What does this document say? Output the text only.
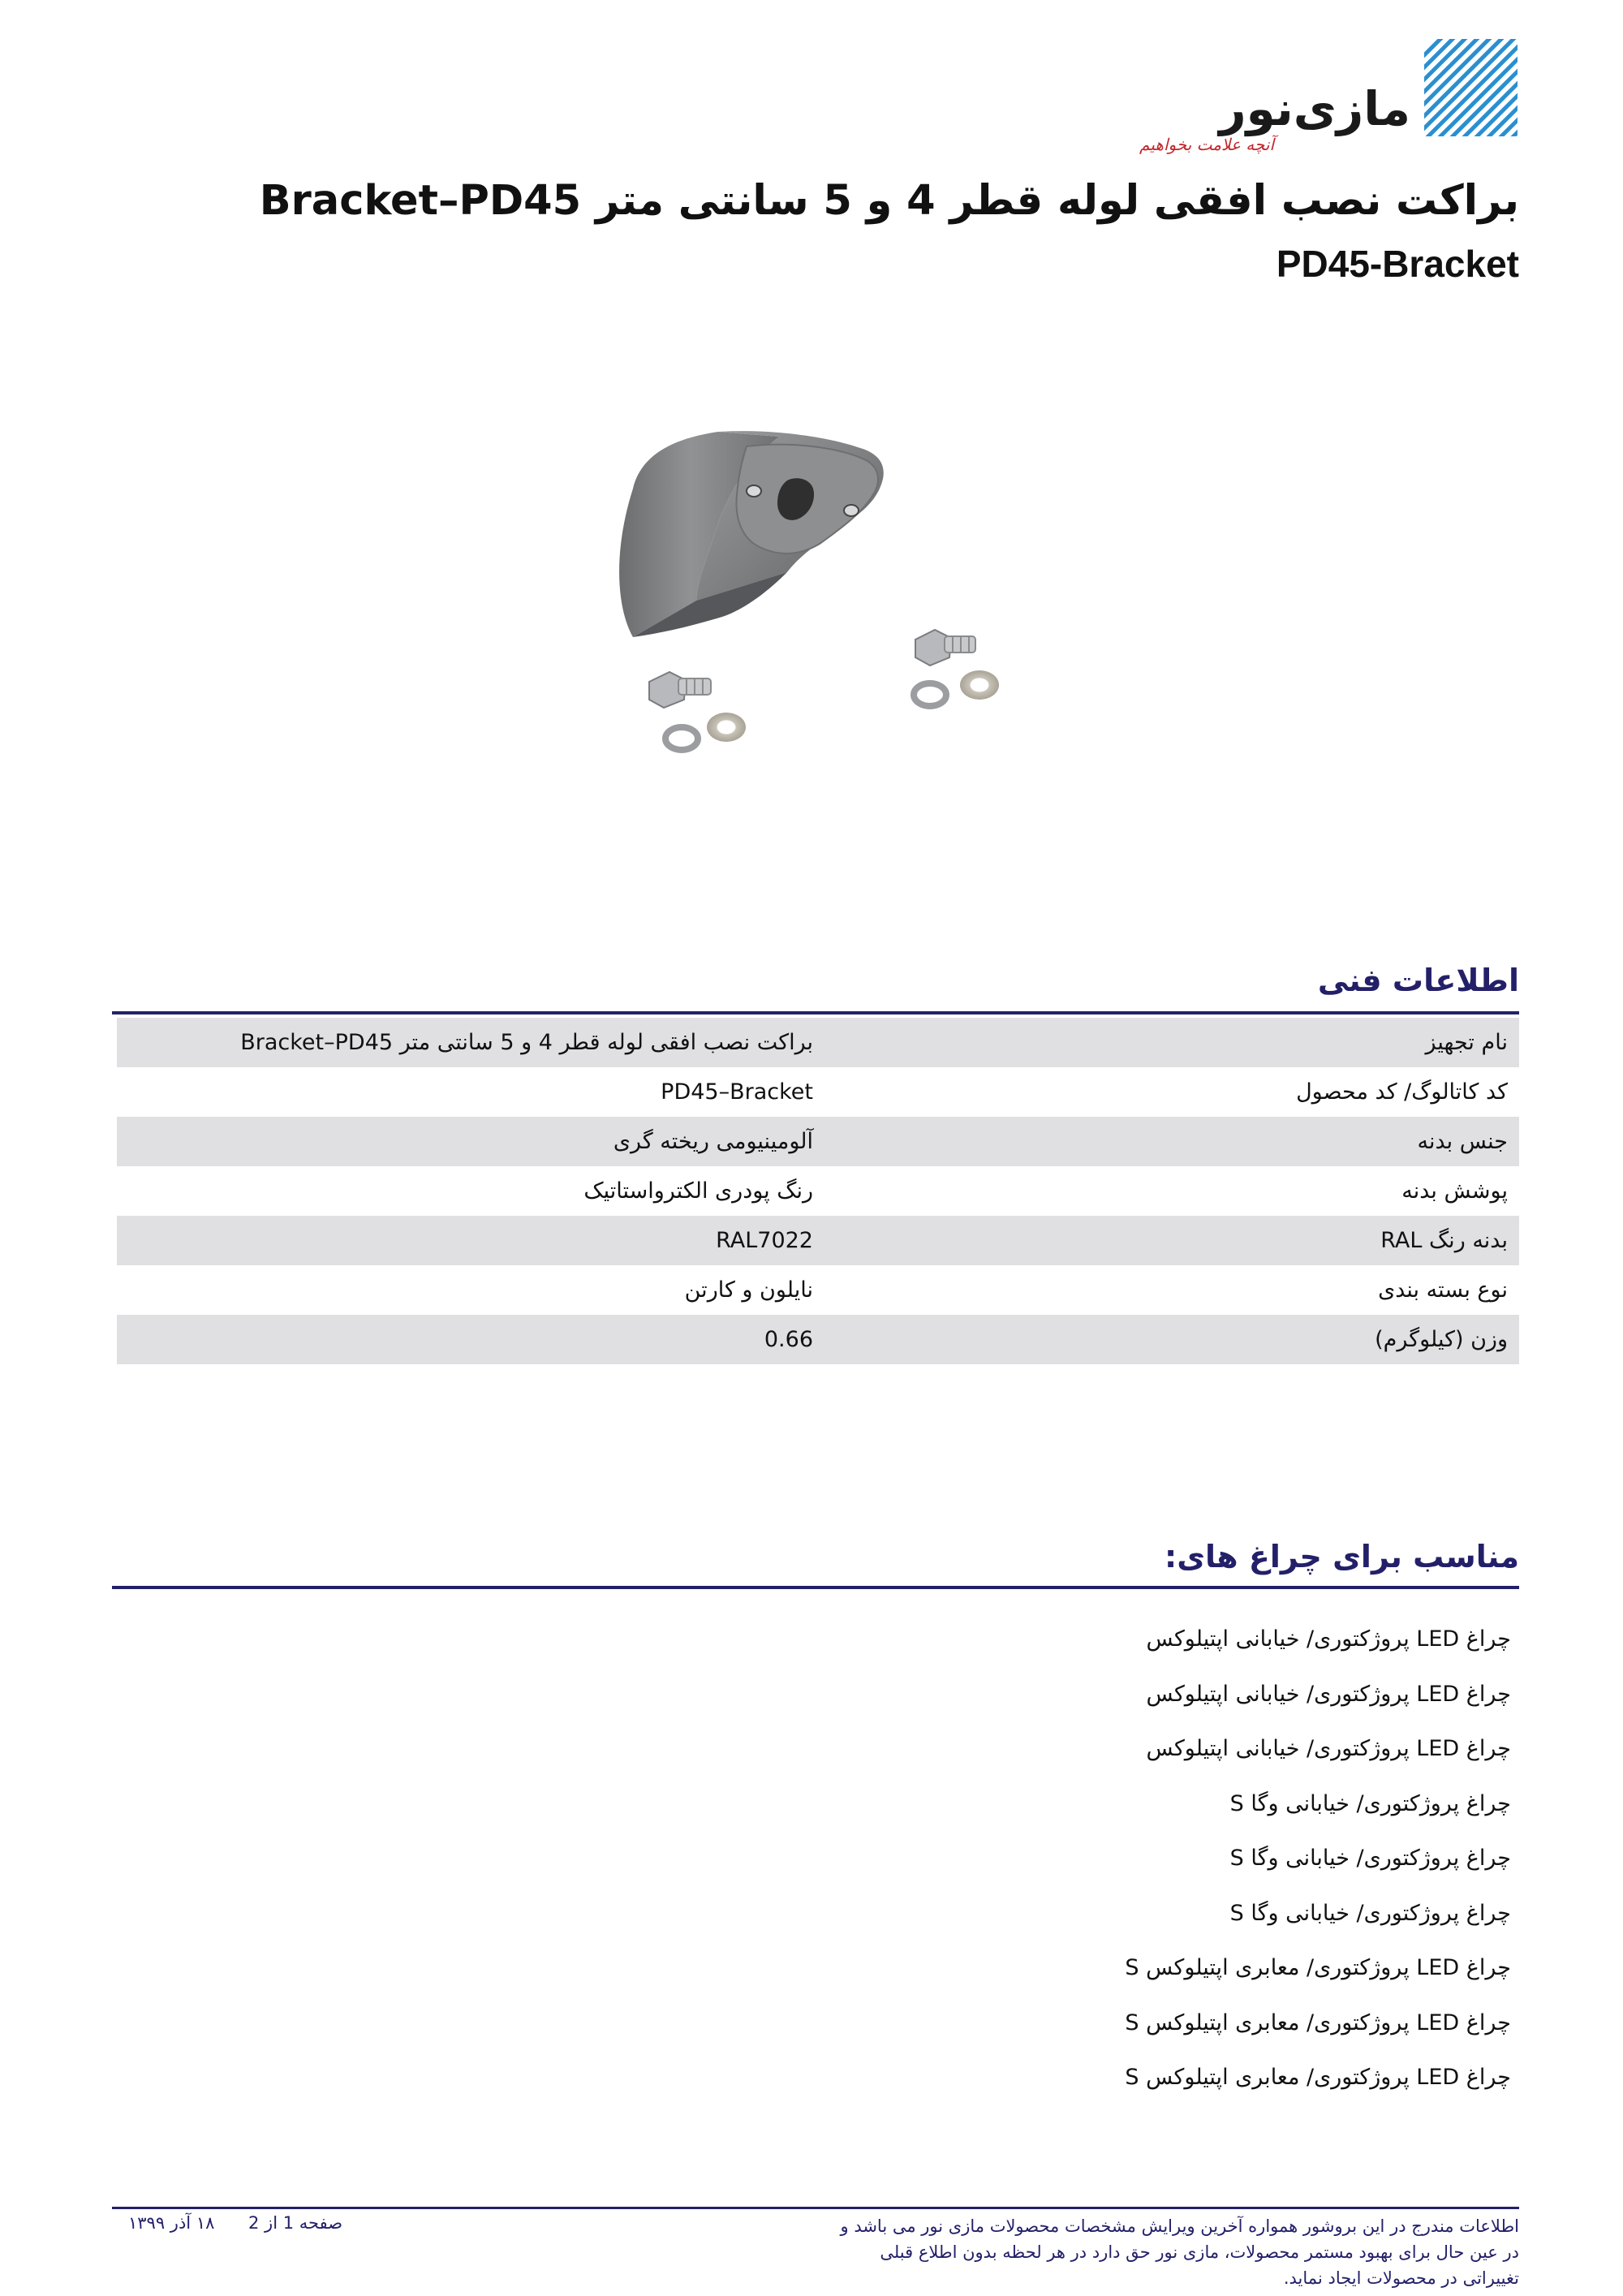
مازی‌نور
آنچه علامت بخواهیم
براکت نصب افقی لوله قطر 4 و 5 سانتی متر Bracket–PD45
PD45-Bracket
اطلاعات فنی
نام تجهیز
براکت نصب افقی لوله قطر 4 و 5 سانتی متر Bracket–PD45
کد کاتالوگ/ کد محصول
PD45–Bracket
جنس بدنه
آلومینیومی ریخته گری
پوشش بدنه
رنگ پودری الکترواستاتیک
بدنه رنگ RAL
RAL7022
نوع بسته بندی
نایلون و کارتن
وزن (کیلوگرم)
0.66
مناسب برای چراغ های:
چراغ LED پروژکتوری/ خیابانی اپتیلوکس
چراغ LED پروژکتوری/ خیابانی اپتیلوکس
چراغ LED پروژکتوری/ خیابانی اپتیلوکس
چراغ پروژکتوری/ خیابانی وگا S
چراغ پروژکتوری/ خیابانی وگا S
چراغ پروژکتوری/ خیابانی وگا S
چراغ LED پروژکتوری/ معابری اپتیلوکس S
چراغ LED پروژکتوری/ معابری اپتیلوکس S
چراغ LED پروژکتوری/ معابری اپتیلوکس S
اطلاعات مندرج در این بروشور همواره آخرین ویرایش مشخصات محصولات مازی نور می باشد و در عین حال برای بهبود مستمر محصولات، مازی نور حق دارد در هر لحظه بدون اطلاع قبلی تغییراتی در محصولات ایجاد نماید.
صفحه 1 از 2
۱۸ آذر ۱۳۹۹
